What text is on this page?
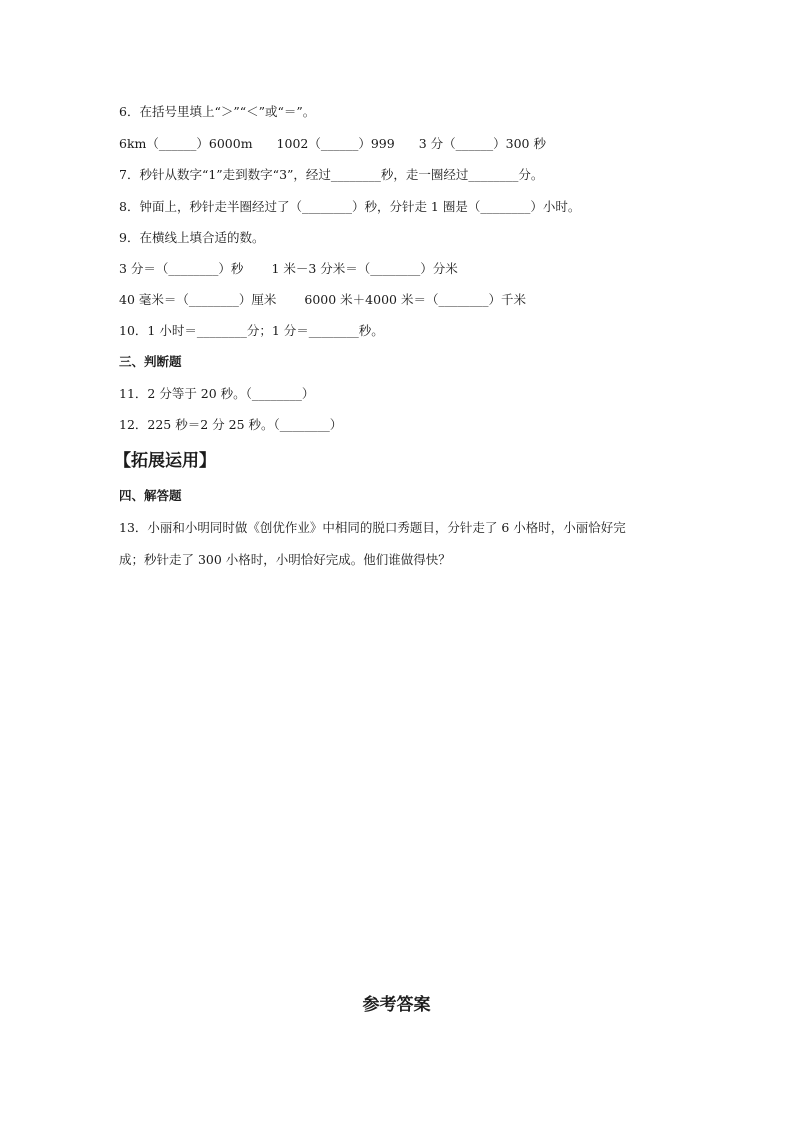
6．在括号里填上“＞”“＜”或“＝”。
6km（______）6000m 1002（______）999 3 分（______）300 秒
7．秒针从数字“1”走到数字“3”，经过________秒，走一圈经过________分。
8．钟面上，秒针走半圈经过了（________）秒，分针走 1 圈是（________）小时。
9．在横线上填合适的数。
3 分＝（________）秒 1 米－3 分米＝（________）分米
40 毫米＝（________）厘米 6000 米＋4000 米＝（________）千米
10．1 小时＝________分；1 分＝________秒。
三、判断题
11．2 分等于 20 秒。（________）
12．225 秒＝2 分 25 秒。（________）
【拓展运用】
四、解答题
13．小丽和小明同时做《创优作业》中相同的脱口秀题目，分针走了 6 小格时，小丽恰好完
成；秒针走了 300 小格时，小明恰好完成。他们谁做得快？
参考答案
